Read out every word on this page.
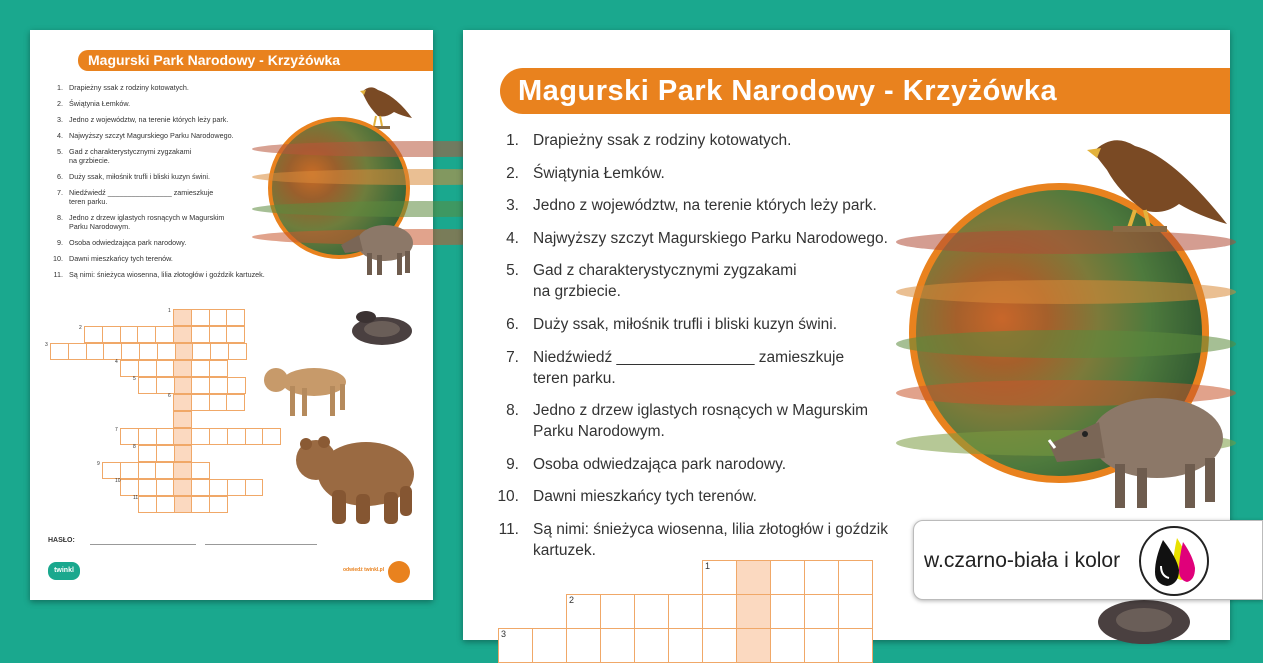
Magurski Park Narodowy - Krzyżówka
1. Drapieżny ssak z rodziny kotowatych.
2. Świątynia Łemków.
3. Jedno z województw, na terenie których leży park.
4. Najwyższy szczyt Magurskiego Parku Narodowego.
5. Gad z charakterystycznymi zygzakami
na grzbiecie.
6. Duży ssak, miłośnik trufli i bliski kuzyn świni.
7. Niedźwiedź ________________ zamieszkuje
teren parku.
8. Jedno z drzew iglastych rosnących w Magurskim
Parku Narodowym.
9. Osoba odwiedzająca park narodowy.
10. Dawni mieszkańcy tych terenów.
11. Są nimi: śnieżyca wiosenna, lilia złotogłów i goździk kartuzek.
1
2
3
4
5
6
7
8
9
10
11
HASŁO:
twinkl	odwiedź twinkl.pl
Magurski Park Narodowy - Krzyżówka
1. Drapieżny ssak z rodziny kotowatych.
2. Świątynia Łemków.
3. Jedno z województw, na terenie których leży park.
4. Najwyższy szczyt Magurskiego Parku Narodowego.
5. Gad z charakterystycznymi zygzakami
na grzbiecie.
6. Duży ssak, miłośnik trufli i bliski kuzyn świni.
7. Niedźwiedź ________________ zamieszkuje
teren parku.
8. Jedno z drzew iglastych rosnących w Magurskim
Parku Narodowym.
9. Osoba odwiedzająca park narodowy.
10. Dawni mieszkańcy tych terenów.
11. Są nimi: śnieżyca wiosenna, lilia złotogłów i goździk kartuzek.
1
2
3
w.czarno-biała i kolor
